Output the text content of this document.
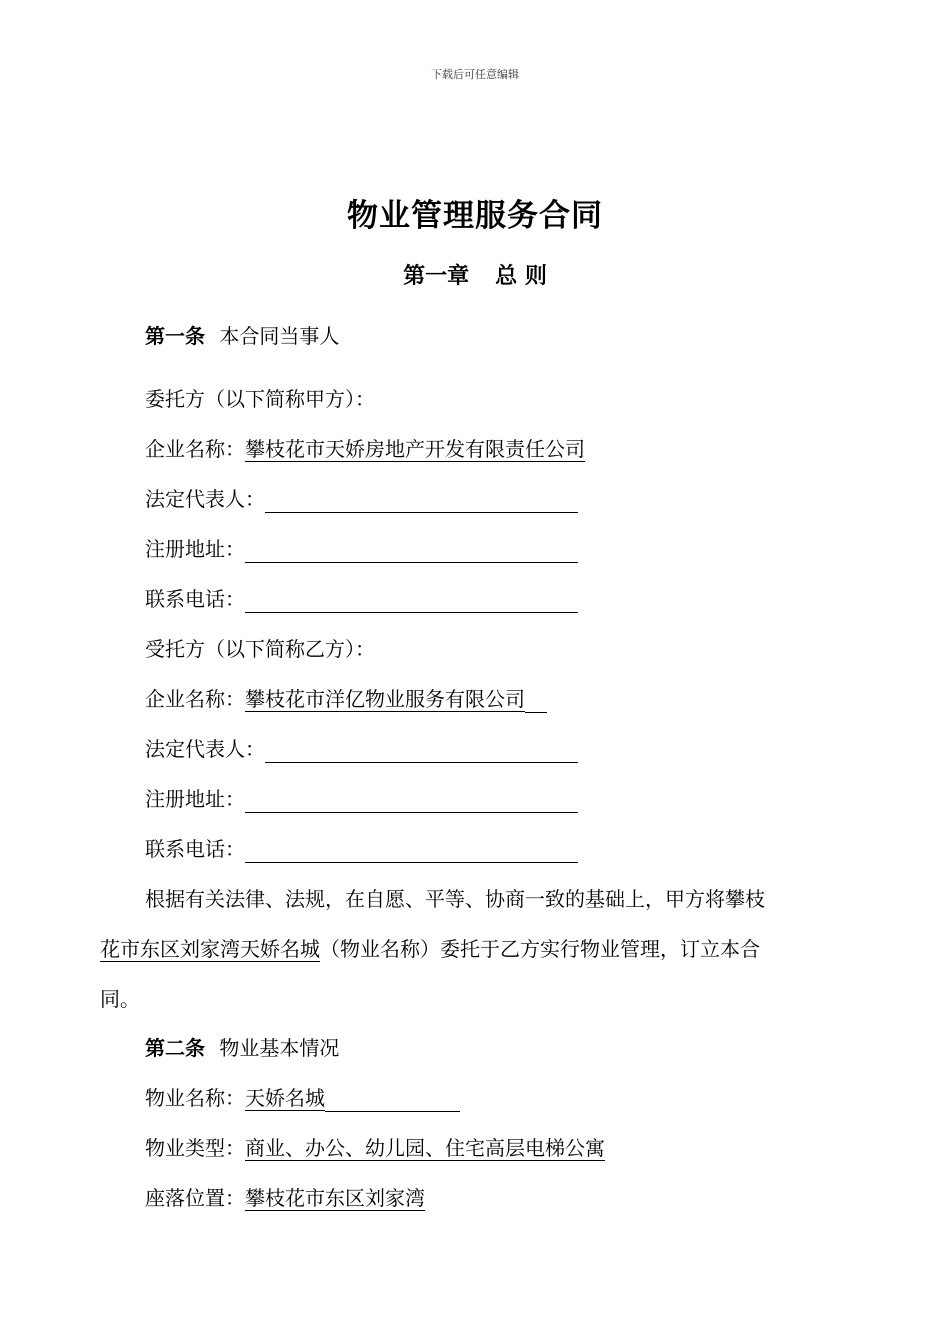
下载后可任意编辑
物业管理服务合同
第一章 总 则
第一条 本合同当事人
委托方（以下简称甲方）：
企业名称：攀枝花市天娇房地产开发有限责任公司
法定代表人：
注册地址：
联系电话：
受托方（以下简称乙方）：
企业名称：攀枝花市洋亿物业服务有限公司
法定代表人：
注册地址：
联系电话：
根据有关法律、法规，在自愿、平等、协商一致的基础上，甲方将攀枝
花市东区刘家湾天娇名城（物业名称）委托于乙方实行物业管理，订立本合
同。
第二条 物业基本情况
物业名称：天娇名城
物业类型：商业、办公、幼儿园、住宅高层电梯公寓
座落位置：攀枝花市东区刘家湾
